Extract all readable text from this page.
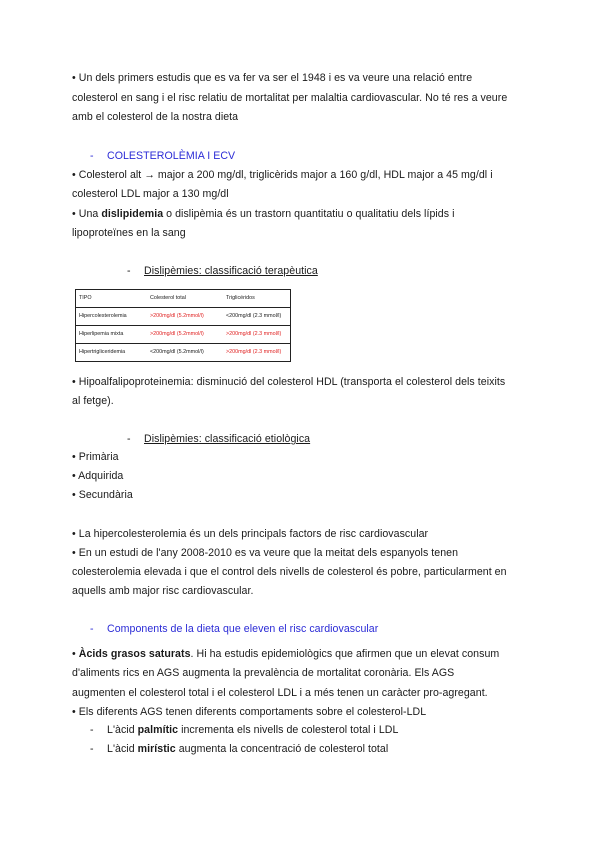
• Un dels primers estudis que es va fer va ser el 1948 i es va veure una relació entre
colesterol en sang i el risc relatiu de mortalitat per malaltia cardiovascular. No té res a veure
amb el colesterol de la nostra dieta
- COLESTEROLÈMIA I ECV
• Colesterol alt → major a 200 mg/dl, triglicèrids major a 160 g/dl, HDL major a 45 mg/dl i
colesterol LDL major a 130 mg/dl
• Una dislipidemia o dislipèmia és un trastorn quantitatiu o qualitatiu dels lípids i
lipoproteïnes en la sang
- Dislipèmies: classificació terapèutica
TIPO	Colesterol total	Triglicéridos
Hipercolesterolemia	>200mg/dl (5.2mmol/l)	<200mg/dl (2.3 mmol/l)
Hiperlipemia mixta	>200mg/dl (5.2mmol/l)	>200mg/dl (2.3 mmol/l)
Hipertrigliceridemia	<200mg/dl (5.2mmol/l)	>200mg/dl (2.3 mmol/l)
• Hipoalfalipoproteinemia: disminució del colesterol HDL (transporta el colesterol dels teixits
al fetge).
- Dislipèmies: classificació etiològica
• Primària
• Adquirida
• Secundària
• La hipercolesterolemia és un dels principals factors de risc cardiovascular
• En un estudi de l'any 2008-2010 es va veure que la meitat dels espanyols tenen
colesterolemia elevada i que el control dels nivells de colesterol és pobre, particularment en
aquells amb major risc cardiovascular.
- Components de la dieta que eleven el risc cardiovascular
• Àcids grasos saturats. Hi ha estudis epidemiològics que afirmen que un elevat consum
d'aliments rics en AGS augmenta la prevalència de mortalitat coronària. Els AGS
augmenten el colesterol total i el colesterol LDL i a més tenen un caràcter pro-agregant.
• Els diferents AGS tenen diferents comportaments sobre el colesterol-LDL
- L'àcid palmític incrementa els nivells de colesterol total i LDL
- L'àcid mirístic augmenta la concentració de colesterol total
